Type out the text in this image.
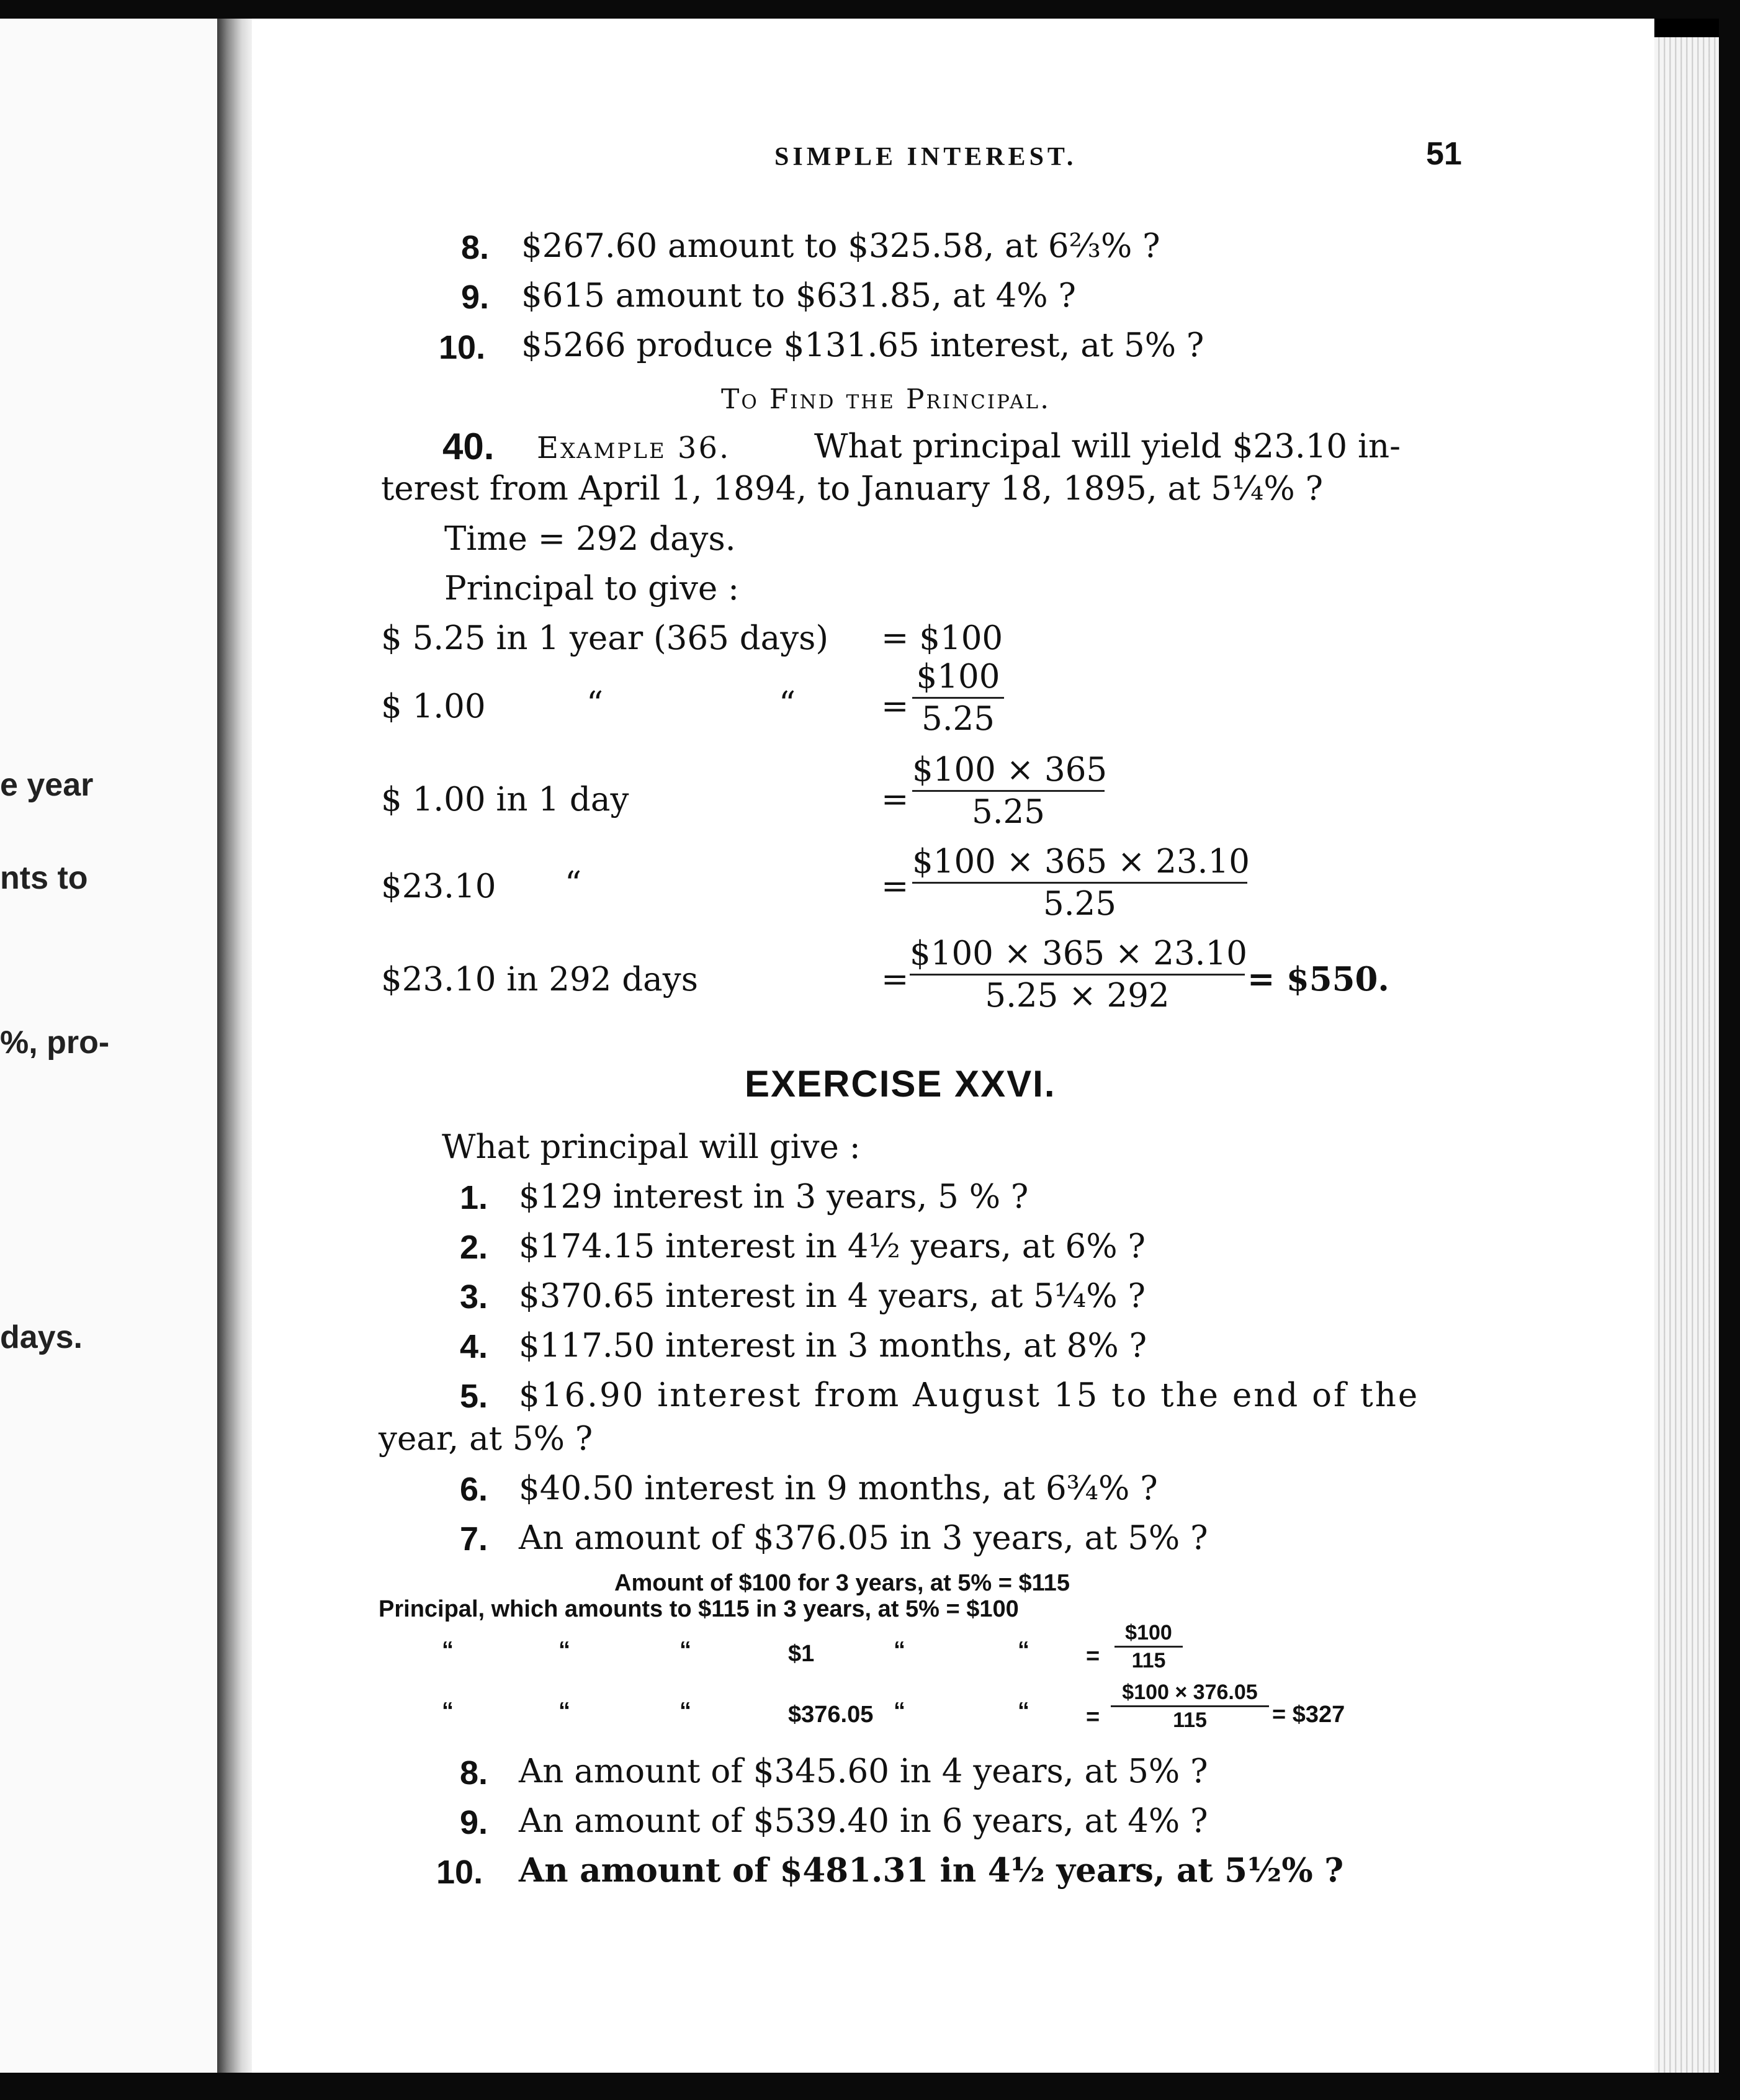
e year
nts to
%, pro-
days.
SIMPLE INTEREST.	51
8. $267.60 amount to $325.58, at 6⅔% ?
9. $615 amount to $631.85, at 4% ?
10. $5266 produce $131.65 interest, at 5% ?
To Find the Principal.
40. Example 36.	What principal will yield $23.10 in-
terest from April 1, 1894, to January 18, 1895, at 5¼% ?
Time = 292 days.
Principal to give :
$ 5.25 in 1 year (365 days) = $100
$ 1.00	“	“	=
$100
5.25
$ 1.00 in 1 day	=
$100 × 365
5.25
$23.10 “	=
$100 × 365 × 23.10
5.25
$23.10 in 292 days	=
$100 × 365 × 23.10
5.25 × 292	= $550.
EXERCISE XXVI.
What principal will give :
1. $129 interest in 3 years, 5 % ?
2. $174.15 interest in 4½ years, at 6% ?
3. $370.65 interest in 4 years, at 5¼% ?
4. $117.50 interest in 3 months, at 8% ?
5. $16.90 interest from August 15 to the end of the
year, at 5% ?
6. $40.50 interest in 9 months, at 6¾% ?
7. An amount of $376.05 in 3 years, at 5% ?
Amount of $100 for 3 years, at 5% = $115
Principal, which amounts to $115 in 3 years, at 5% = $100
“	“	“	$1	“	“ =
$100
115
“	“	“	$376.05 “	“ =
$100 × 376.05
115	= $327
8. An amount of $345.60 in 4 years, at 5% ?
9. An amount of $539.40 in 6 years, at 4% ?
10. An amount of $481.31 in 4½ years, at 5½% ?
